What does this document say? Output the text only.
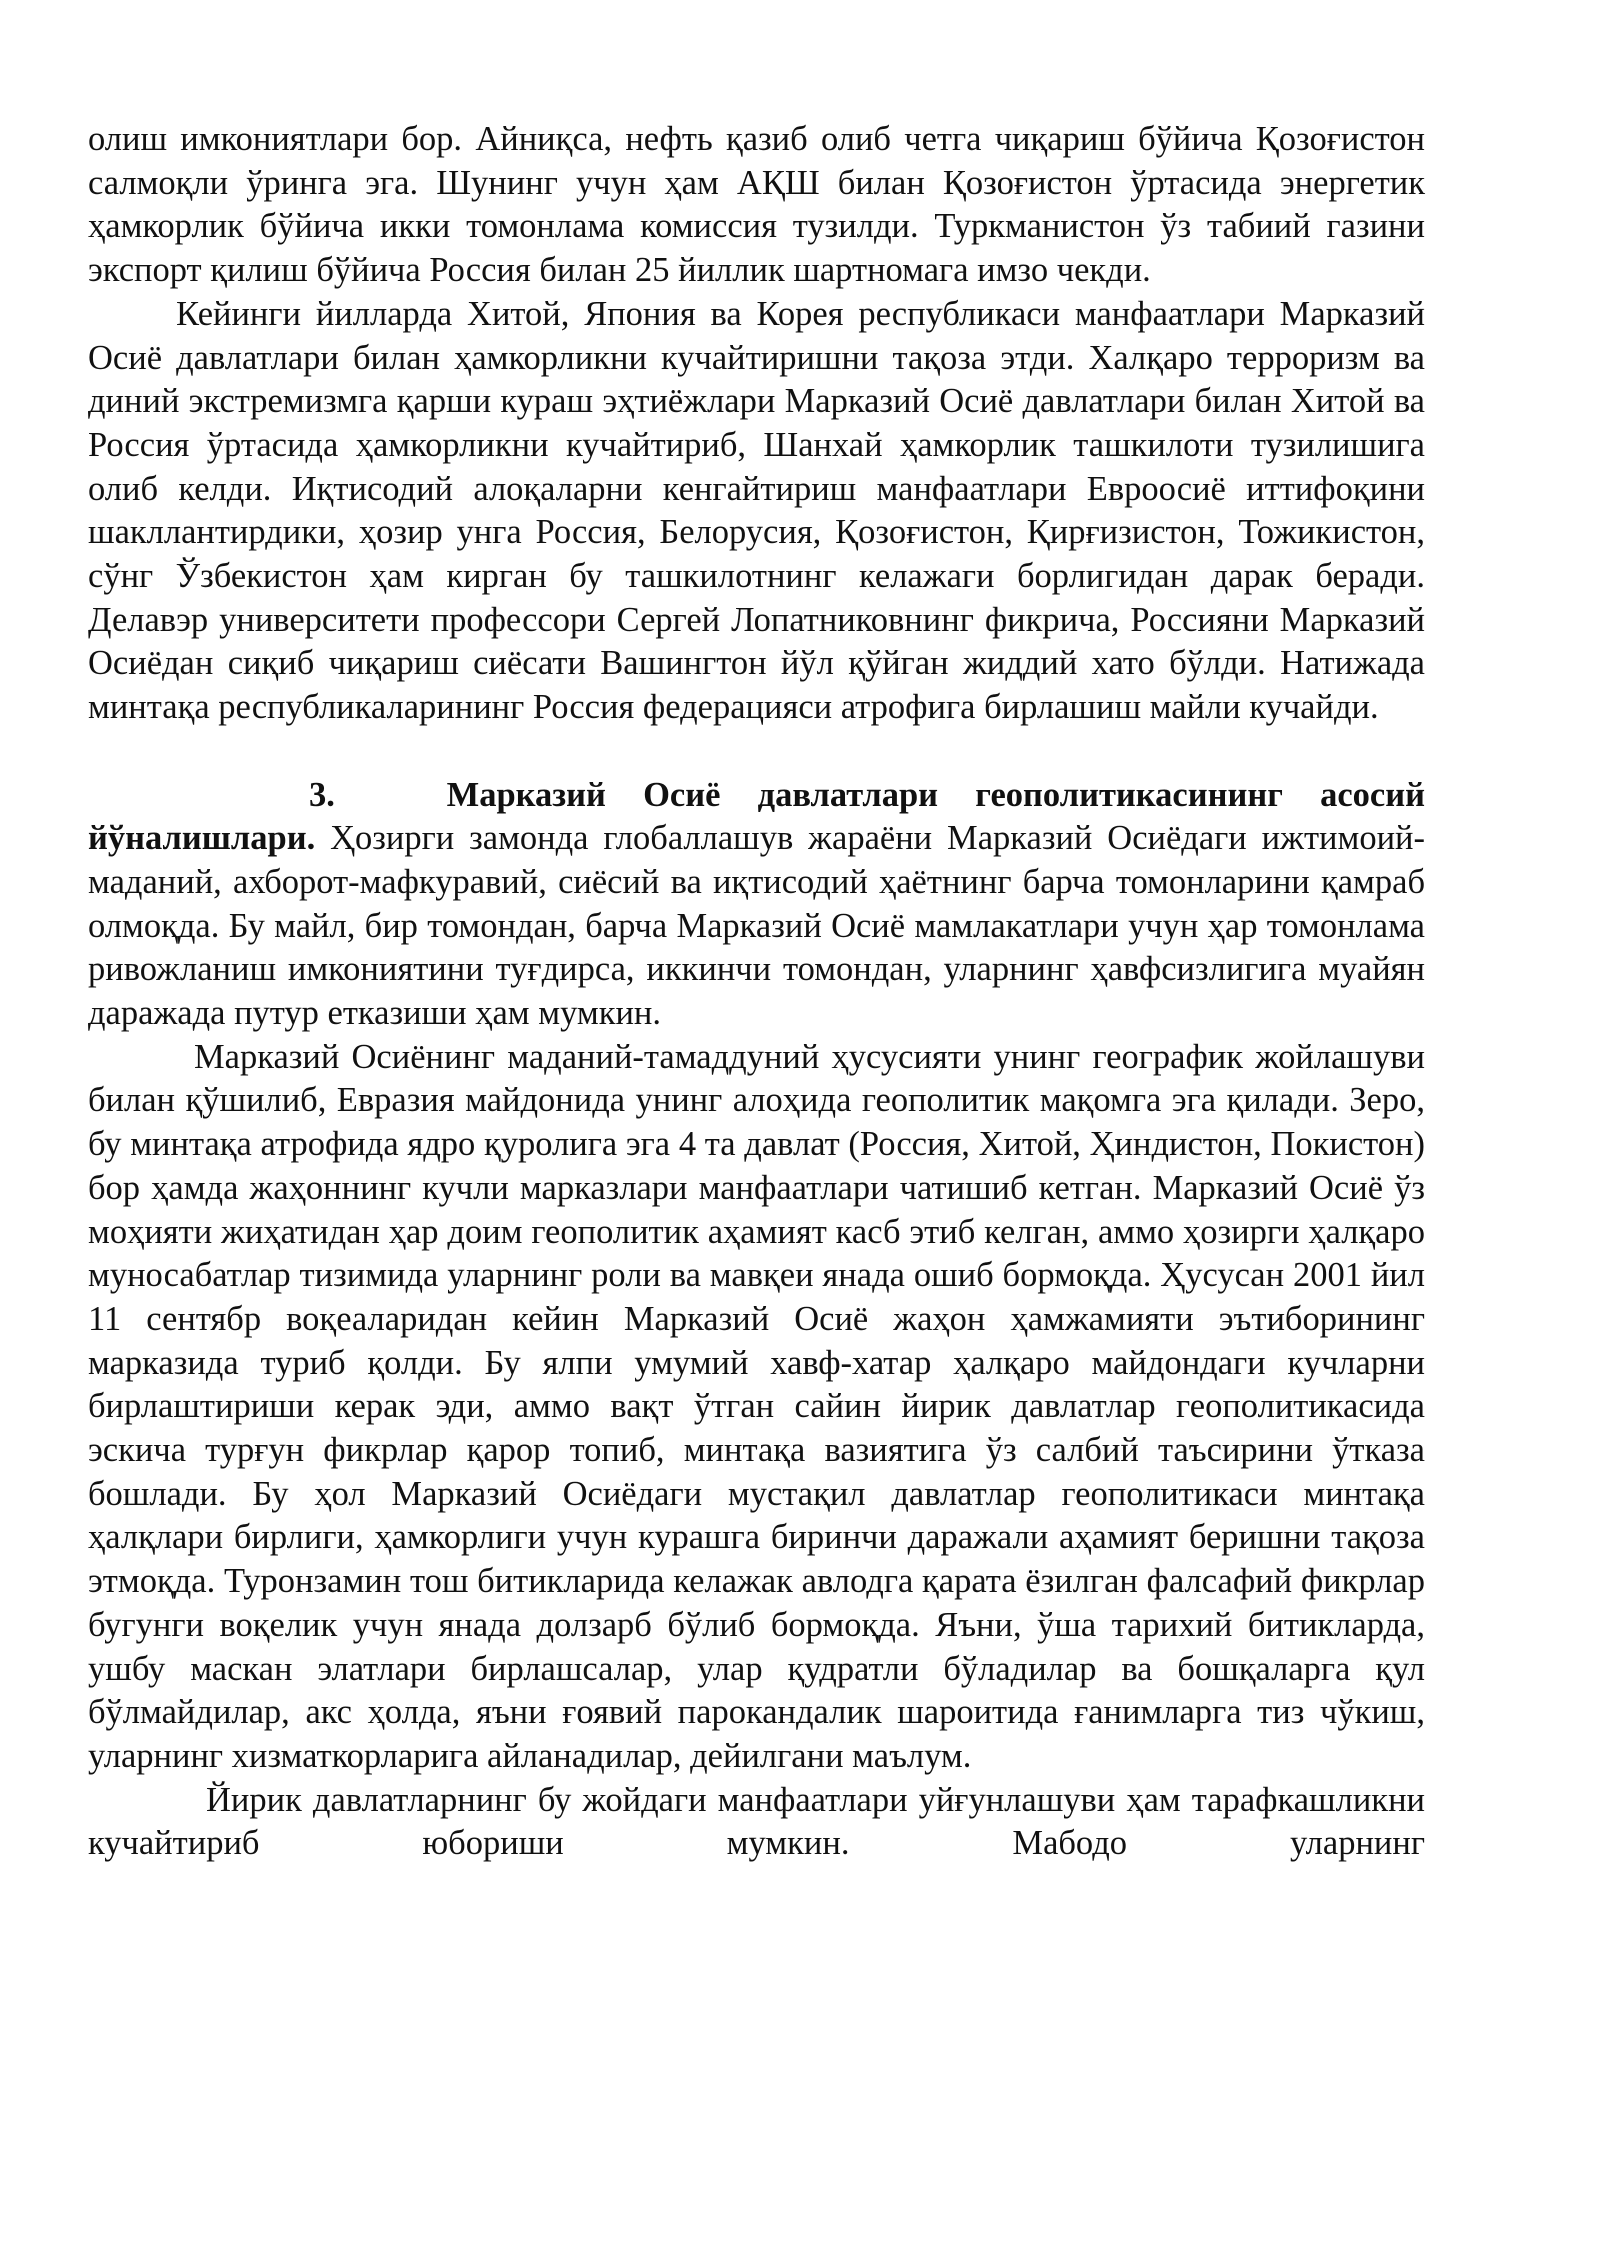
олиш имкониятлари бор. Айниқса, нефть қазиб олиб четга чиқариш бўйича Қозоғистон салмоқли ўринга эга. Шунинг учун ҳам АҚШ билан Қозоғистон ўртасида энергетик ҳамкорлик бўйича икки томонлама комиссия тузилди. Туркманистон ўз табиий газини экспорт қилиш бўйича Россия билан 25 йиллик шартномага имзо чекди.

Кейинги йилларда Хитой, Япония ва Корея республикаси манфаатлари Марказий Осиё давлатлари билан ҳамкорликни кучайтиришни тақоза этди. Халқаро терроризм ва диний экстремизмга қарши кураш эҳтиёжлари Марказий Осиё давлатлари билан Хитой ва Россия ўртасида ҳамкорликни кучайтириб, Шанхай ҳамкорлик ташкилоти тузилишига олиб келди. Иқтисодий алоқаларни кенгайтириш манфаатлари Евроосиё иттифоқини шакллантирдики, ҳозир унга Россия, Белорусия, Қозоғистон, Қирғизистон, Тожикистон, сўнг Ўзбекистон ҳам кирган бу ташкилотнинг келажаги борлигидан дарак беради. Делавэр университети профессори Сергей Лопатниковнинг фикрича, Россияни Марказий Осиёдан сиқиб чиқариш сиёсати Вашингтон йўл қўйган жиддий хато бўлди. Натижада минтақа республикаларининг Россия федерацияси атрофига бирлашиш майли кучайди.

3.	Марказий Осиё давлатлари геополитикасининг асосий йўналишлари. Ҳозирги замонда глобаллашув жараёни Марказий Осиёдаги ижтимоий-маданий, ахборот-мафкуравий, сиёсий ва иқтисодий ҳаётнинг барча томонларини қамраб олмоқда. Бу майл, бир томондан, барча Марказий Осиё мамлакатлари учун ҳар томонлама ривожланиш имкониятини туғдирса, иккинчи томондан, уларнинг ҳавфсизлигига муайян даражада путур етказиши ҳам мумкин.

Марказий Осиёнинг маданий-тамаддуний ҳусусияти унинг географик жойлашуви билан қўшилиб, Евразия майдонида унинг алоҳида геополитик мақомга эга қилади. Зеро, бу минтақа атрофида ядро қуролига эга 4 та давлат (Россия, Хитой, Ҳиндистон, Покистон) бор ҳамда жаҳоннинг кучли марказлари манфаатлари чатишиб кетган. Марказий Осиё ўз моҳияти жиҳатидан ҳар доим геополитик аҳамият касб этиб келган, аммо ҳозирги ҳалқаро муносабатлар тизимида уларнинг роли ва мавқеи янада ошиб бормоқда. Ҳусусан 2001 йил 11 сентябр воқеаларидан кейин Марказий Осиё жаҳон ҳамжамияти эътиборининг марказида туриб қолди. Бу ялпи умумий хавф-хатар ҳалқаро майдондаги кучларни бирлаштириши керак эди, аммо вақт ўтган сайин йирик давлатлар геополитикасида эскича турғун фикрлар қарор топиб, минтақа вазиятига ўз салбий таъсирини ўтказа бошлади. Бу ҳол Марказий Осиёдаги мустақил давлатлар геополитикаси минтақа ҳалқлари бирлиги, ҳамкорлиги учун курашга биринчи даражали аҳамият беришни тақоза этмоқда. Туронзамин тош битикларида келажак авлодга қарата ёзилган фалсафий фикрлар бугунги воқелик учун янада долзарб бўлиб бормоқда. Яъни, ўша тарихий битикларда, ушбу маскан элатлари бирлашсалар, улар қудратли бўладилар ва бошқаларга қул бўлмайдилар, акс ҳолда, яъни ғоявий парокандалик шароитида ғанимларга тиз чўкиш, уларнинг хизматкорларига айланадилар, дейилгани маълум.

Йирик давлатларнинг бу жойдаги манфаатлари уйғунлашуви ҳам тарафкашликни кучайтириб юбориши мумкин. Мабодо уларнинг
